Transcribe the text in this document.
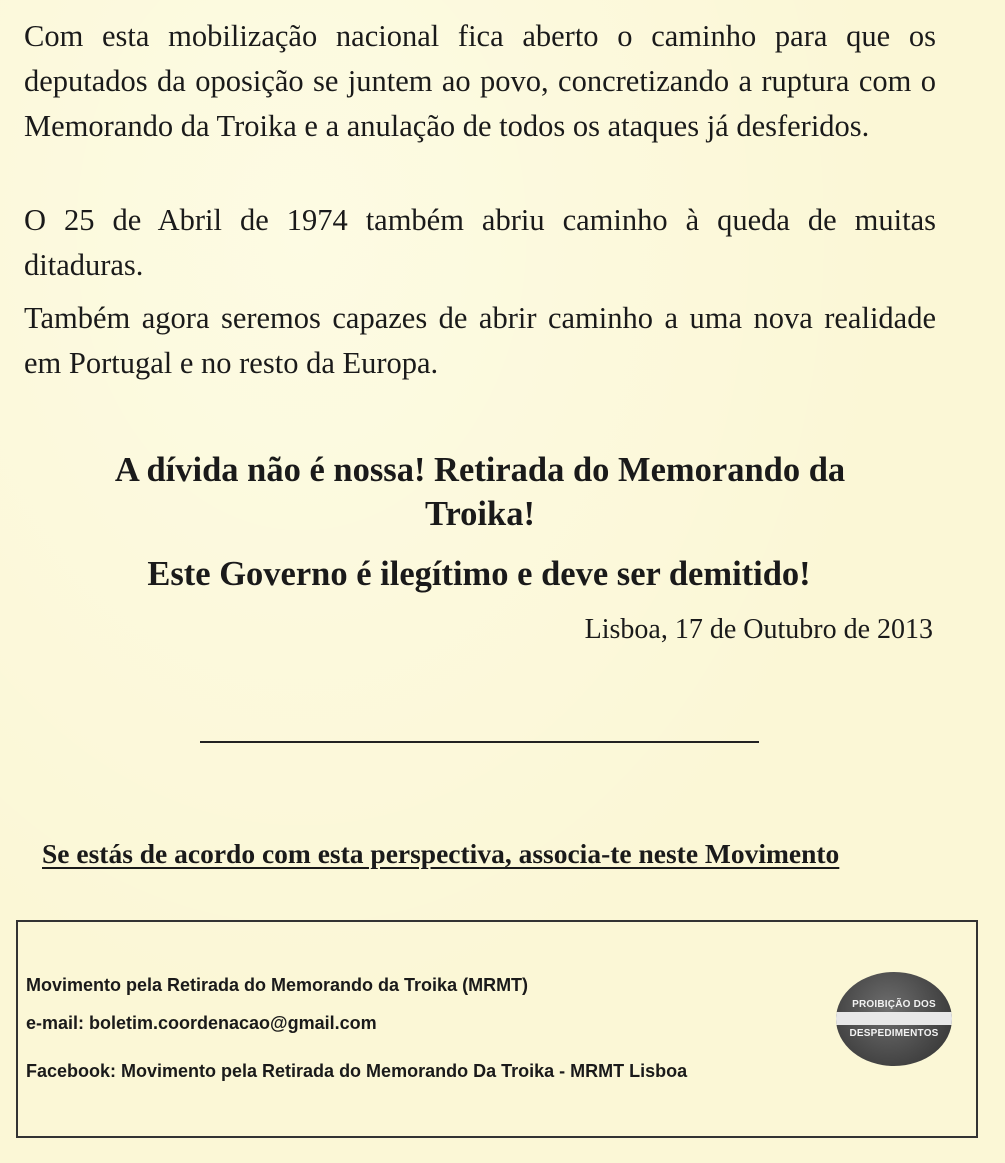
Com esta mobilização nacional fica aberto o caminho para que os deputados da oposição se juntem ao povo, concretizando a ruptura com o Memorando da Troika e a anulação de todos os ataques já desferidos.

O 25 de Abril de 1974 também abriu caminho à queda de muitas ditaduras.

Também agora seremos capazes de abrir caminho a uma nova realidade em Portugal e no resto da Europa.

A dívida não é nossa! Retirada do Memorando da Troika!

Este Governo é ilegítimo e deve ser demitido!

Lisboa, 17 de Outubro de 2013
Se estás de acordo com esta perspectiva, associa-te neste Movimento
Movimento pela Retirada do Memorando da Troika (MRMT)
e-mail: boletim.coordenacao@gmail.com
Facebook: Movimento pela Retirada do Memorando Da Troika - MRMT Lisboa
PROIBIÇÃO DOS
DESPEDIMENTOS
